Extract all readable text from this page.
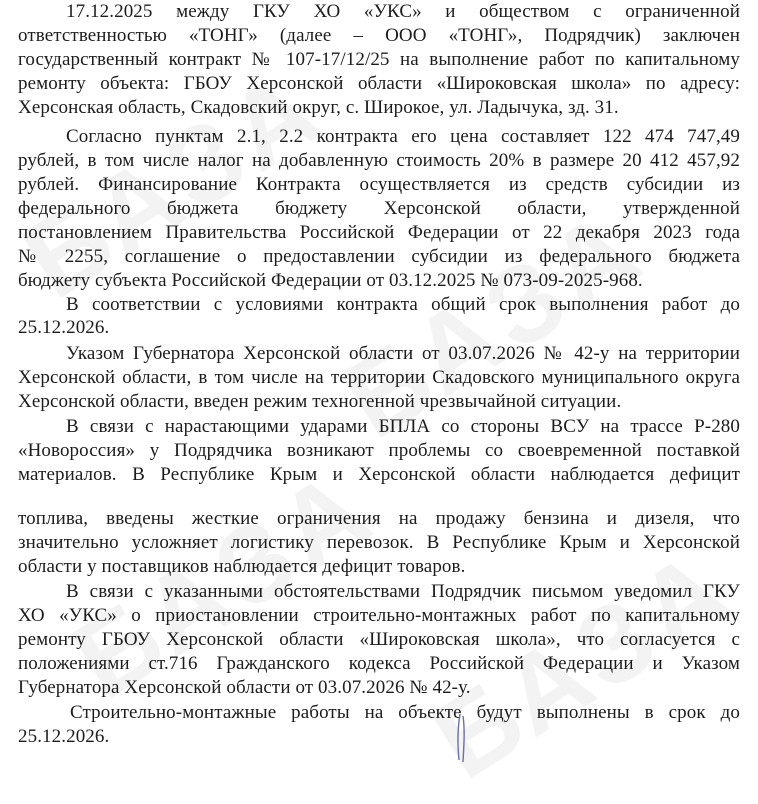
17.12.2025 между ГКУ ХО «УКС» и обществом с ограниченной
ответственностью «ТОНГ» (далее – ООО «ТОНГ», Подрядчик) заключен
государственный контракт № 107-17/12/25 на выполнение работ по капитальному
ремонту объекта: ГБОУ Херсонской области «Широковская школа» по адресу:
Херсонская область, Скадовский округ, с. Широкое, ул. Ладычука, зд. 31.
Согласно пунктам 2.1, 2.2 контракта его цена составляет 122 474 747,49
рублей, в том числе налог на добавленную стоимость 20% в размере 20 412 457,92
рублей. Финансирование Контракта осуществляется из средств субсидии из
федерального бюджета бюджету Херсонской области, утвержденной
постановлением Правительства Российской Федерации от 22 декабря 2023 года
№ 2255, соглашение о предоставлении субсидии из федерального бюджета
бюджету субъекта Российской Федерации от 03.12.2025 № 073-09-2025-968.
В соответствии с условиями контракта общий срок выполнения работ до
25.12.2026.
Указом Губернатора Херсонской области от 03.07.2026 № 42-у на территории
Херсонской области, в том числе на территории Скадовского муниципального округа
Херсонской области, введен режим техногенной чрезвычайной ситуации.
В связи с нарастающими ударами БПЛА со стороны ВСУ на трассе Р-280
«Новороссия» у Подрядчика возникают проблемы со своевременной поставкой
материалов. В Республике Крым и Херсонской области наблюдается дефицит
топлива, введены жесткие ограничения на продажу бензина и дизеля, что
значительно усложняет логистику перевозок. В Республике Крым и Херсонской
области у поставщиков наблюдается дефицит товаров.
В связи с указанными обстоятельствами Подрядчик письмом уведомил ГКУ
ХО «УКС» о приостановлении строительно-монтажных работ по капитальному
ремонту ГБОУ Херсонской области «Широковская школа», что согласуется с
положениями ст.716 Гражданского кодекса Российской Федерации и Указом
Губернатора Херсонской области от 03.07.2026 № 42-у.
Строительно-монтажные работы на объекте будут выполнены в срок до
25.12.2026.
